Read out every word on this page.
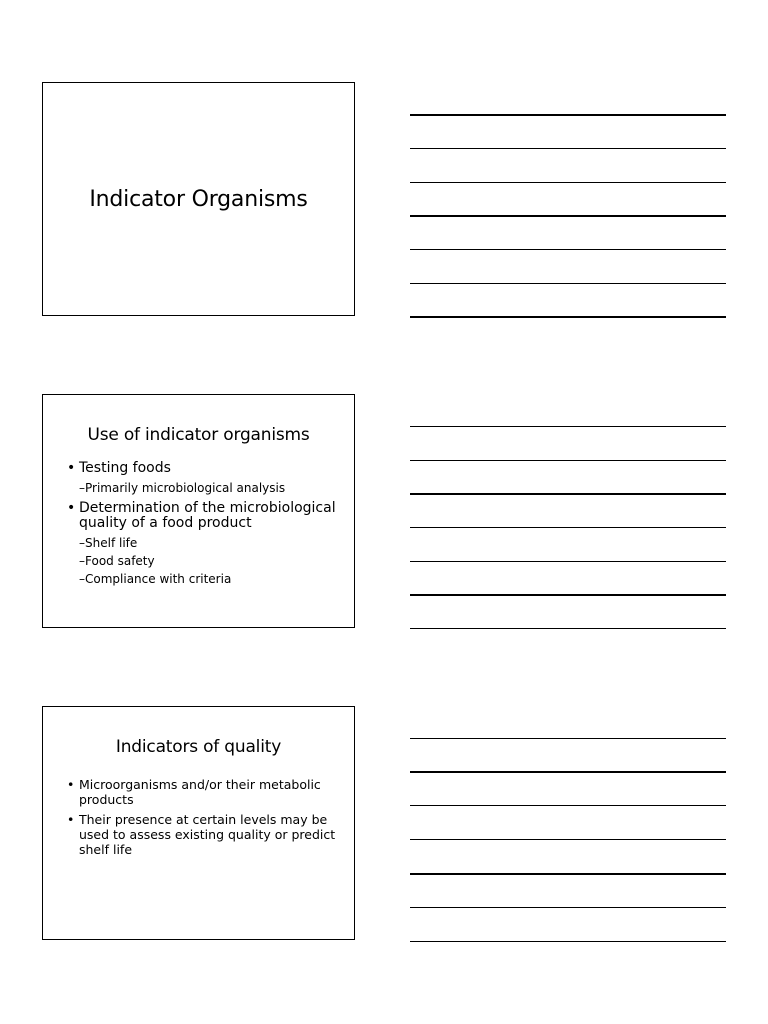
Indicator Organisms
Use of indicator organisms
• Testing foods
–Primarily microbiological analysis
• Determination of the microbiological quality of a food product
–Shelf life
–Food safety
–Compliance with criteria
Indicators of quality
• Microorganisms and/or their metabolic products
• Their presence at certain levels may be used to assess existing quality or predict shelf life
